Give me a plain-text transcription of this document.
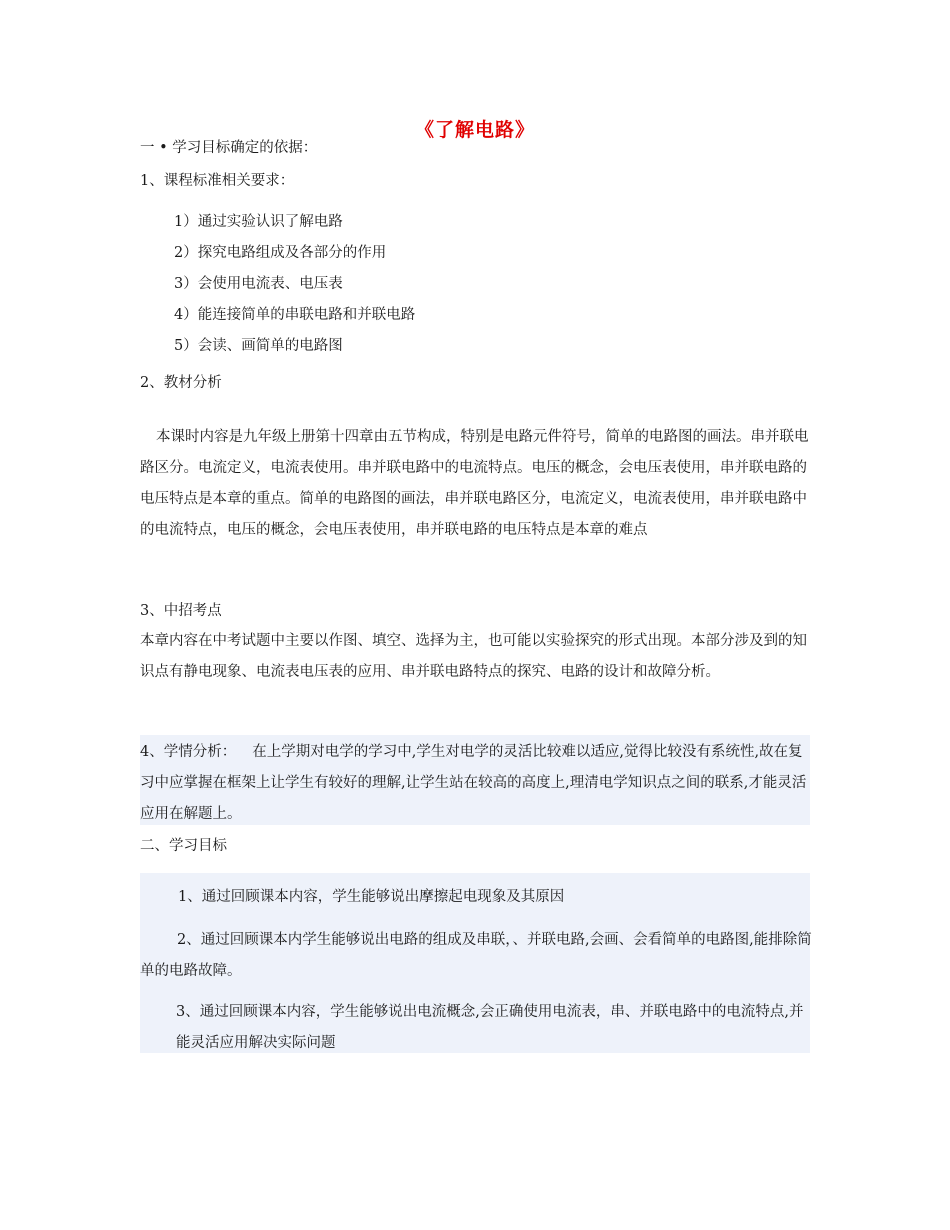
《了解电路》
一 • 学习目标确定的依据：
1、课程标准相关要求：
1）通过实验认识了解电路
2）探究电路组成及各部分的作用
3）会使用电流表、电压表
4）能连接简单的串联电路和并联电路
5）会读、画简单的电路图
2、教材分析
本课时内容是九年级上册第十四章由五节构成，特别是电路元件符号，简单的电路图的画法。串并联电路区分。电流定义，电流表使用。串并联电路中的电流特点。电压的概念，会电压表使用，串并联电路的电压特点是本章的重点。简单的电路图的画法，串并联电路区分，电流定义，电流表使用，串并联电路中的电流特点，电压的概念，会电压表使用，串并联电路的电压特点是本章的难点
3、中招考点
本章内容在中考试题中主要以作图、填空、选择为主，也可能以实验探究的形式出现。本部分涉及到的知识点有静电现象、电流表电压表的应用、串并联电路特点的探究、电路的设计和故障分析。
4、学情分析： 在上学期对电学的学习中,学生对电学的灵活比较难以适应,觉得比较没有系统性,故在复习中应掌握在框架上让学生有较好的理解,让学生站在较高的高度上,理清电学知识点之间的联系,才能灵活应用在解题上。
二、学习目标
1、通过回顾课本内容，学生能够说出摩擦起电现象及其原因
2、通过回顾课本内学生能够说出电路的组成及串联，、并联电路,会画、会看简单的电路图,能排除简单的电路故障。
3、通过回顾课本内容，学生能够说出电流概念,会正确使用电流表，串、并联电路中的电流特点,并能灵活应用解决实际问题
